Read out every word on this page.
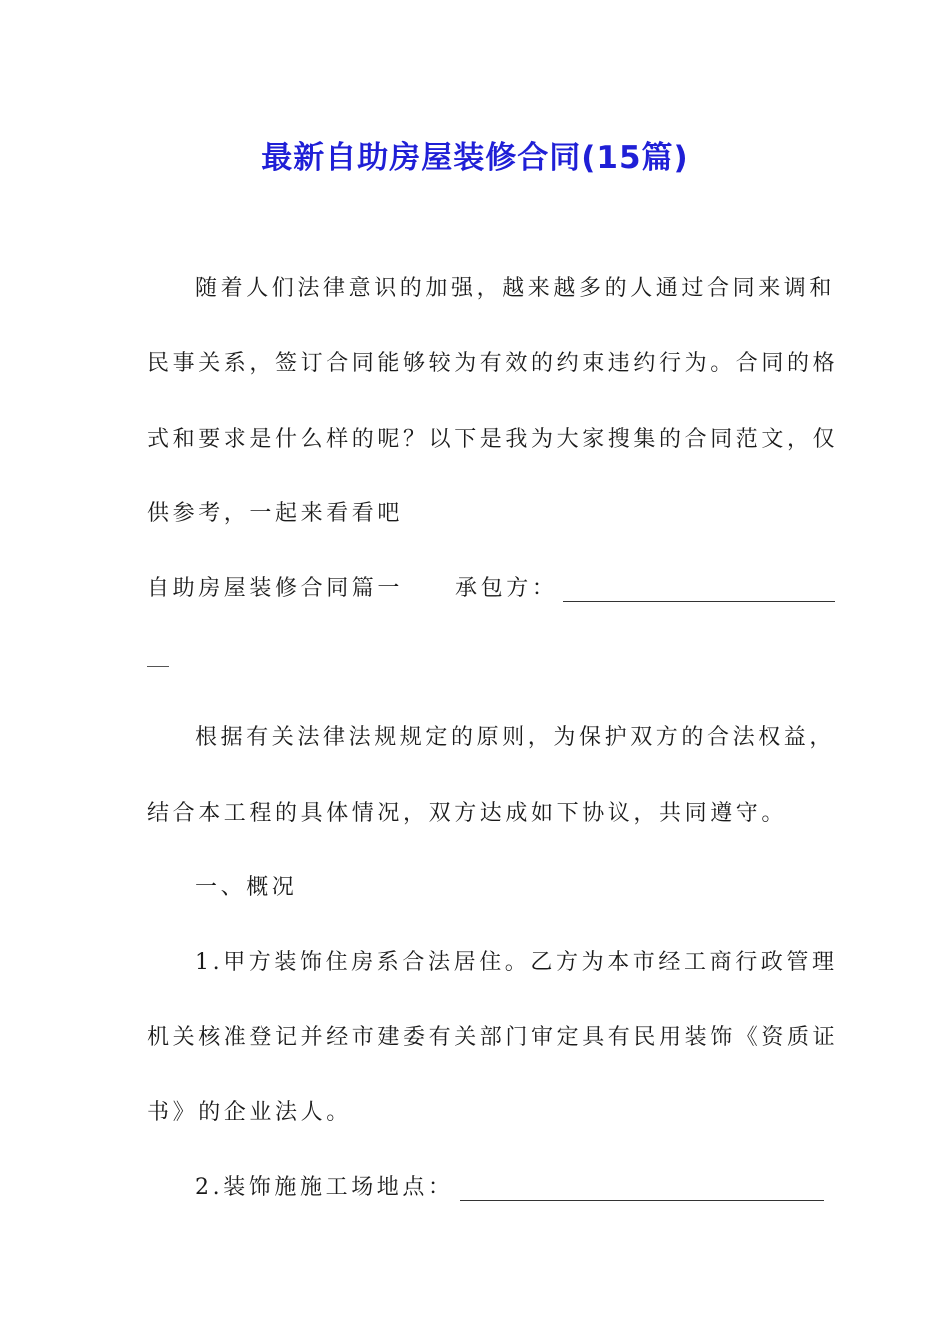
最新自助房屋装修合同(15篇)
随着人们法律意识的加强，越来越多的人通过合同来调和
民事关系，签订合同能够较为有效的约束违约行为。合同的格
式和要求是什么样的呢？以下是我为大家搜集的合同范文，仅
供参考，一起来看看吧
自助房屋装修合同篇一 承包方：
根据有关法律法规规定的原则，为保护双方的合法权益，
结合本工程的具体情况，双方达成如下协议，共同遵守。
一、概况
1.甲方装饰住房系合法居住。乙方为本市经工商行政管理
机关核准登记并经市建委有关部门审定具有民用装饰《资质证
书》的企业法人。
2.装饰施施工场地点：
